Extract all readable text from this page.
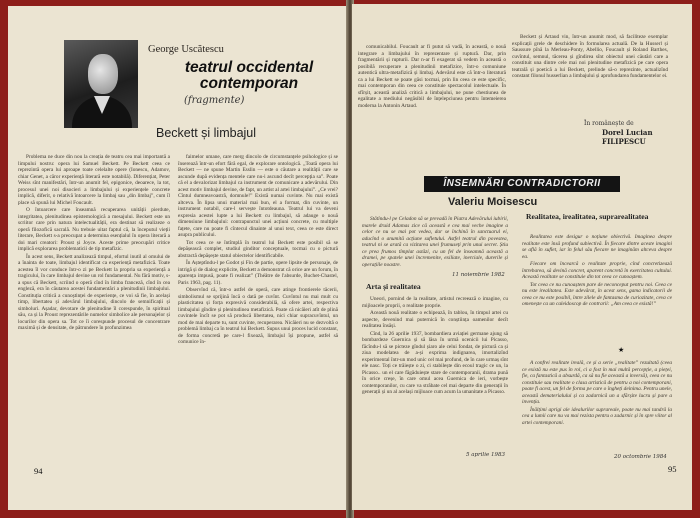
George Uscătescu
teatrul occidental
contemporan
(fragmente)
Beckett și limbajul

Problema ne duce din nou la creația de teatru cea mai importantă a limpului nostru: opera lui Samuel Beckett. Pe Beckett ceea ce reprezintă opera lui aproape toate celelalte opere (Ionescu, Adamov, chiar Genet, a căror experiență literară este notabilă). Diferențiat, Peter Weiss sînt manifestări, într-un anumit fel, epigonice, deoarece, la tot, procesul unei noi disocieri a limbajului și experiențele concrete implică, diferit, o relativă întoarcere la limbaj sau „din limbaj”, cum îl place să spună lui Michel Foucault.

O întoarcere care înseamnă recuperarea unității pierdute, integritatea, plenitudinea epistemologică a mesajului. Beckett este un scriitor care prin natura intelectualității, era destinat să realizeze o operă filozofică sacrală. Nu trebuie uitat faptul că, la începutul vieții literare, Beckett s-a preocupat a determina esențialul în opera literară a doi mari creatori: Proust și Joyce. Aceste prime preocupări critice implică explorarea problematicii de tip metafizic.

În acest sens, Beckett analizează timpul, efortul inutil al omului de a înainta de toate, limbajul identificat ca experiență metafizică. Toate acestea îl vor conduce într-o zi pe Beckett la propria sa experiență a tragicului, în care limbajul devine un rol fundamental. Nu fără motiv, s-a spus că Beckett, scriind o operă cînd în limba franceză, cînd în cea engleză, era în căutarea acestei fundamentări a plenitudinii limbajului. Constituția critică a cunoștinței de experiențe, ce voi să fie, în același timp, libertatea și adevărul limbajului, dincolo de semnificații și simboluri. Așadar, devotare de plenitudine îl corespunde, în spiritual său, ca și la Proust reprezentările numelor simbolice ale personajelor și locurilor din opera sa. Tot ce îi corespunde procesul de concentrare maximă și de densitate, de pătrundere în profunzimea

faimelor umane, care merg dincolo de circumstanțele psihologice și se înserează într-un efort fără egal, de explorare ontologică. „Toată opera lui Beckett — ne spune Martin Esslin — este o căutare a realității care se ascunde după evidența mentele care nu-i ascund decît percepția sa”. Poate că el a devalorizat limbajul ca instrument de comunicare a adevărului. Din acest motiv limbajul devine, de fapt, un artist al artei limbajului”. „Ce vrei? Cîntul dumneavoastră, domnule!” Există numai cuvinte. Nu mai există altceva. În lipsa unui material mai bun, el a format, din cuvinte, un instrument notabil, care-l servește întotdeauna. Teatrul lui va deveni expresia acestei lupte a lui Beckett cu limbajul, să adauge o nouă dimensiune limbajului: contrapunctul unei acțiuni concrete, cu multiple fațete, care nu poate fi cîntecul dinainte al unui text, ceea ce este direct asupra publicului.

Tot ceea ce se întîmplă în teatrul lui Beckett este posibil să se depășească complet, studiul ginditor conceptuale, tocmai cu o pictură abstractă depășește statul obiectelor identificabile.

În Așteptîndu-l pe Godot și Fin de partie, opere lipsite de personaje, de intrigă și de dialog explicite, Beckett a demonstrat că orice are un forum, în aparența impusă, poate fi realizat” (Théâtre de l'absurde, Buchet-Chastel, Paris 1963, pag. 11).

Observînd că, într-o astfel de operă, care atinge frontierele tăcerii, simbolismul se sprijină încă o dată pe cuvînt. Cuvîntul nu mai mult cu plasticitatea și forța expresivă considerabilă, să ofere artei, respectiva limbajului gîndire și plenitudinea metafizică. Poate că nicăieri atît de plină cuvintele încît se pot să producă libertatea, nici chiar supracuvîntul, un mod de mai departe tu, sunt cuvinte, recuperarea. Nicăieri nu se dezvoltă o problemă limbaj ca în teatrul lui Beckett. Supus unui proces lucid constant, de forma concretă pe care-l fixează, limbajul își propune, astfel să comunice în-

94

comunicabilul. Foucault ar fi putut să vadă, în această, o nouă integrare a limbajului în reprezentare și ruptură. Dar, prin fragmentării și rupturii. Dar n-ar fi exagerat să vedem în această o posibilă recuperare a plenitudinii metafizice, într-o comuniune autentică ultra-metafizică și limbaj. Adevărul este că într-o literatură ca a lui Beckett se poate găsi tocmai, prin lin ceea ce este specific, mai contemporan din ceea ce constituie spectacolul intelectuale. În sfîrșit, această analiză critică a limbajului, ne pune chestiunea de egalitate a mediului negăsibil de înțelepciunea pentru întemeierea moderna la Antonin Artaud.

Beckett și Artaud vin, într-un anumit mod, să faciliteze exemplar explicații grele de deschidere în formularea actuală. De la Husserl și Saussure pînă la Merleau-Ponty, Abellio, Foucault și Roland Barthes, cuvîntul, semnul, tăcerea și gîndirea sînt obiectul unei căutări care a constituit una dintre cele mai noi plenitudine metafizică pe care opera teatrală și poetică a lui Beckett, prelinde să-o reprezinte, actualizînd constant filonul husserlian a limbajului și aprofundarea fundamentelor ei.

În românește de
Dorel Lucian FILIPESCU
ÎNSEMNĂRI CONTRADICTORII
Valeriu Moisescu

Stătîndu-l pe Celadon să se prevadă în Piatra Adevărului iubirii, marele druid Adamas zice că această e cea mai veche imagine a celor ce nu se mai pot vedea, dar se închină în sanctuarul ei, aducînd o anumită acțiune sufletului. Astfel teatrul din povestea, teatrul ni se arată ca vizitarea unei frumuseți prin unui secret. Știu ce prea frumos tîmplat astăzi, cu un fel de înseamnă această a dramei, pe spatele unei încremenite, exiliate, inerciale, durerile și operațiile noastre.

11 noiembrie 1982
Arta și realitatea

Uneori, pornind de la realitate, artistul recreează o imagine, cu mijloacele proprii, o realitate proprie.

Această nouă realitate o echipează, în tablou, în timpul artei cu aspecte, devenind mai puternică în conștiința oamenilor decît realitatea însăși.

Cînd, la 26 aprilie 1937, bombardiera aviației germane ajung să bombardeze Guernica și să lăsa în urmă ucenicii lui Picasso, făcîndu-l să se picteze gîndul șiaro ale celui fondat, de pictură ca și ziua modelatea de a-și exprima indignarea, imortalizînd experimental într-un mod unic cel mai profund, de în care urmaș sînt ele nasc. Toți ce trăiește o zi, ci stabilește din ecoul tragic ce un, la Picasso.. un el care făgăduiește stare de contemporanii, drama pună în orice creșe, în care omul acea Guernica de ieri, vorbește contemporanilor, cu care va străbate cel mai departe din generații în generații și un al același mijloace cum acum la umanitate a Picasso.

5 aprilie 1983
Realitatea, irealitatea, suprarealitatea

Realitatea este desigur o noțiune obiectivă. Imaginea despre realitate este însă profund subiectivă. În fiecare dintre aceste imagini se află în suflet, iar în felul său fiecare ne imaginăm altceva despre ea.

Fiecare om încearcă o realitate proprie, cînd concretizează întrebarea, să devină concret, aparent concretă în exercitatea cultului. Această realitate se constituie din tot ceea ce cunoaștem.

Tot ceea ce nu cunoaștem pare de neconceput pentru noi. Ceea ce nu este irealitatea. Este adevărat, în acest sens, gama indicatorii de ceea ce nu este posibil, între zilele de fantasma de curiozitate, ceva ce omenește ca un caleidoscop de contrarii: „Am ceea ce există!”

★

A confrei realitate ireală, ce și a serie „realitate” rezultată (ceea ce există nu este pus în rol, ci a fost în mai multă percepție, a pieței, fie, ca fantastică a absurdă, ca să nu fie această a inversă), ceea ce nu constituie sau realitate o clasa artistică de pentru a noi contemporani, poate fi acest, un fel de forma pe care o îngheți deinima. Pentru unele, această dematerialului și ca zadarnică un a sfărșite lucru și pare a invenția.

Înălțimi aprigi ale idealurilor suprareale, poate nu mai tandră la cea a lumii care nu va mai rezista pentru o zadarnic și în spre viitor al artei contemporani.

20 octombrie 1984
95
